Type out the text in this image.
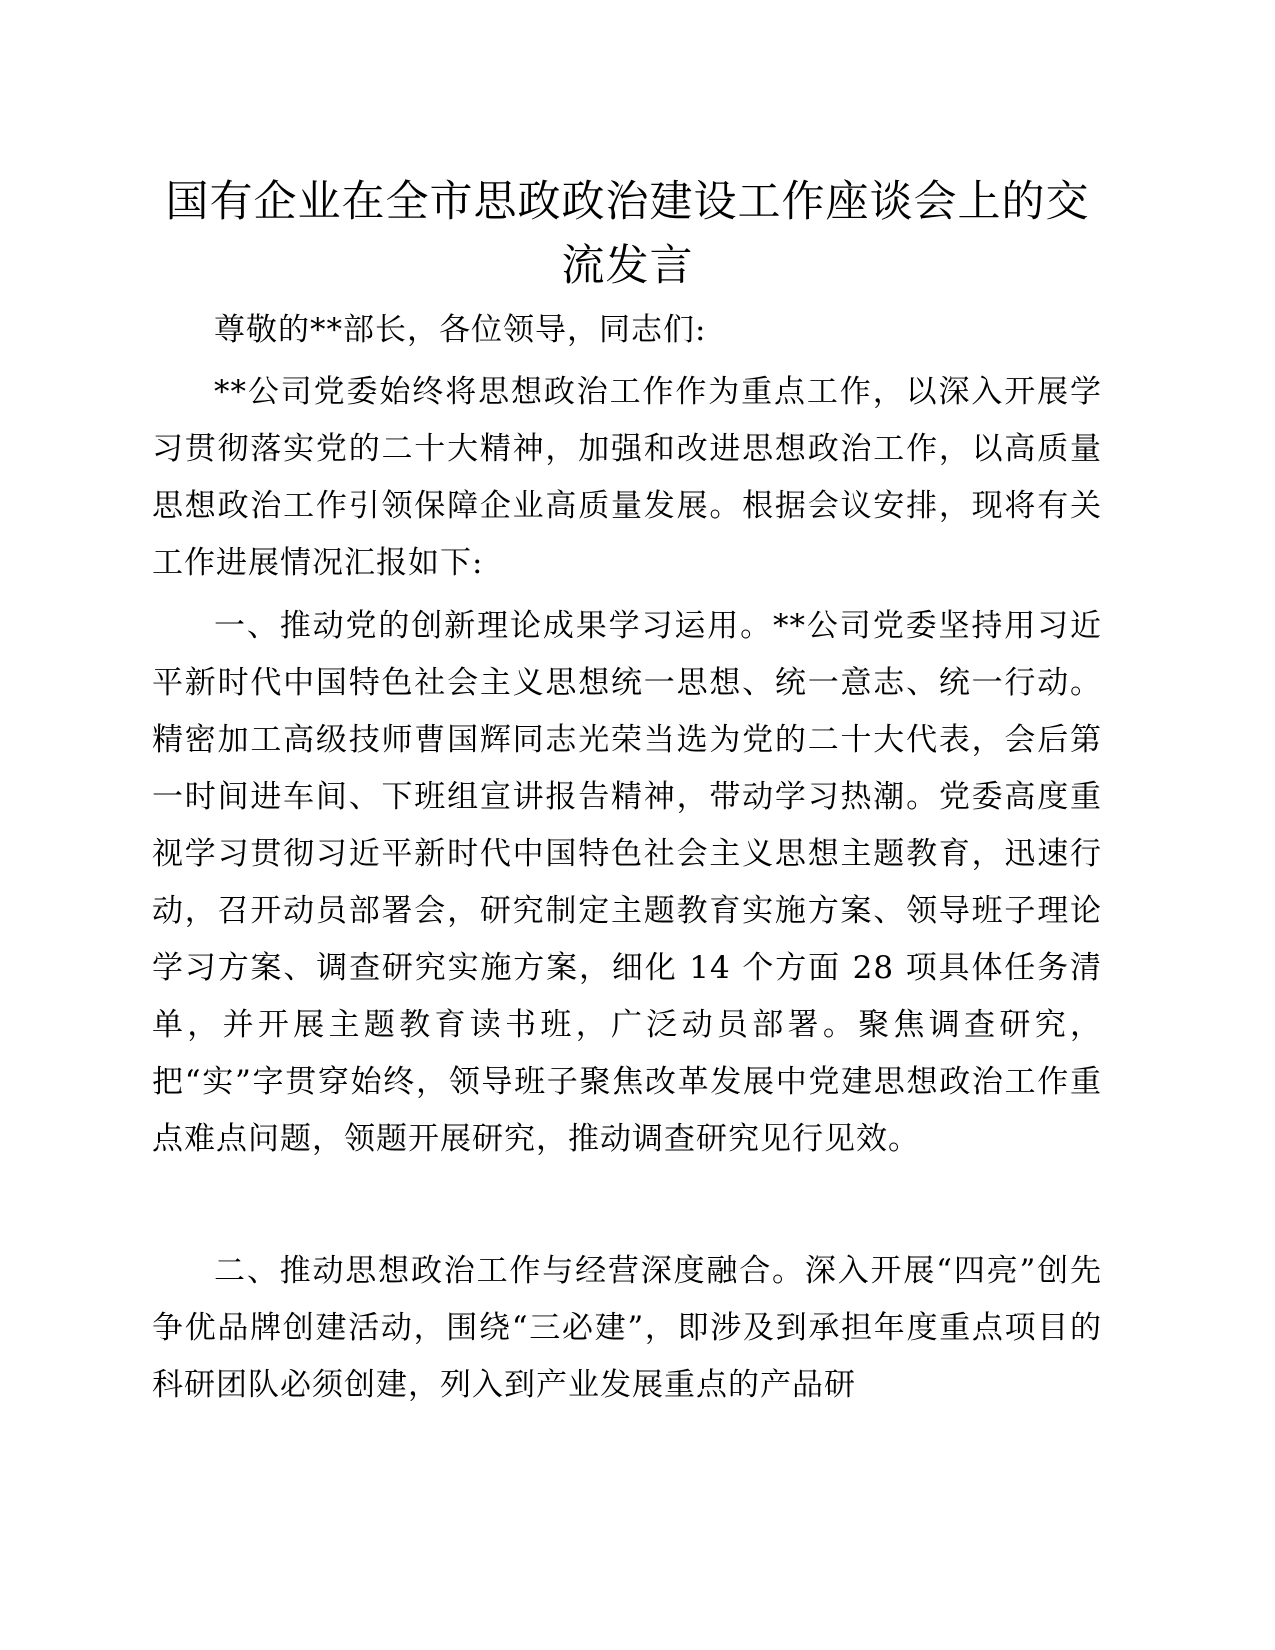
国有企业在全市思政政治建设工作座谈会上的交流发言

尊敬的**部长，各位领导，同志们:

**公司党委始终将思想政治工作作为重点工作，以深入开展学习贯彻落实党的二十大精神，加强和改进思想政治工作，以高质量思想政治工作引领保障企业高质量发展。根据会议安排，现将有关工作进展情况汇报如下:

一、推动党的创新理论成果学习运用。**公司党委坚持用习近平新时代中国特色社会主义思想统一思想、统一意志、统一行动。精密加工高级技师曹国辉同志光荣当选为党的二十大代表，会后第一时间进车间、下班组宣讲报告精神，带动学习热潮。党委高度重视学习贯彻习近平新时代中国特色社会主义思想主题教育，迅速行动，召开动员部署会，研究制定主题教育实施方案、领导班子理论学习方案、调查研究实施方案，细化 14 个方面 28 项具体任务清单，并开展主题教育读书班，广泛动员部署。聚焦调查研究，把“实”字贯穿始终，领导班子聚焦改革发展中党建思想政治工作重点难点问题，领题开展研究，推动调查研究见行见效。

二、推动思想政治工作与经营深度融合。深入开展“四亮”创先争优品牌创建活动，围绕“三必建”，即涉及到承担年度重点项目的科研团队必须创建，列入到产业发展重点的产品研
